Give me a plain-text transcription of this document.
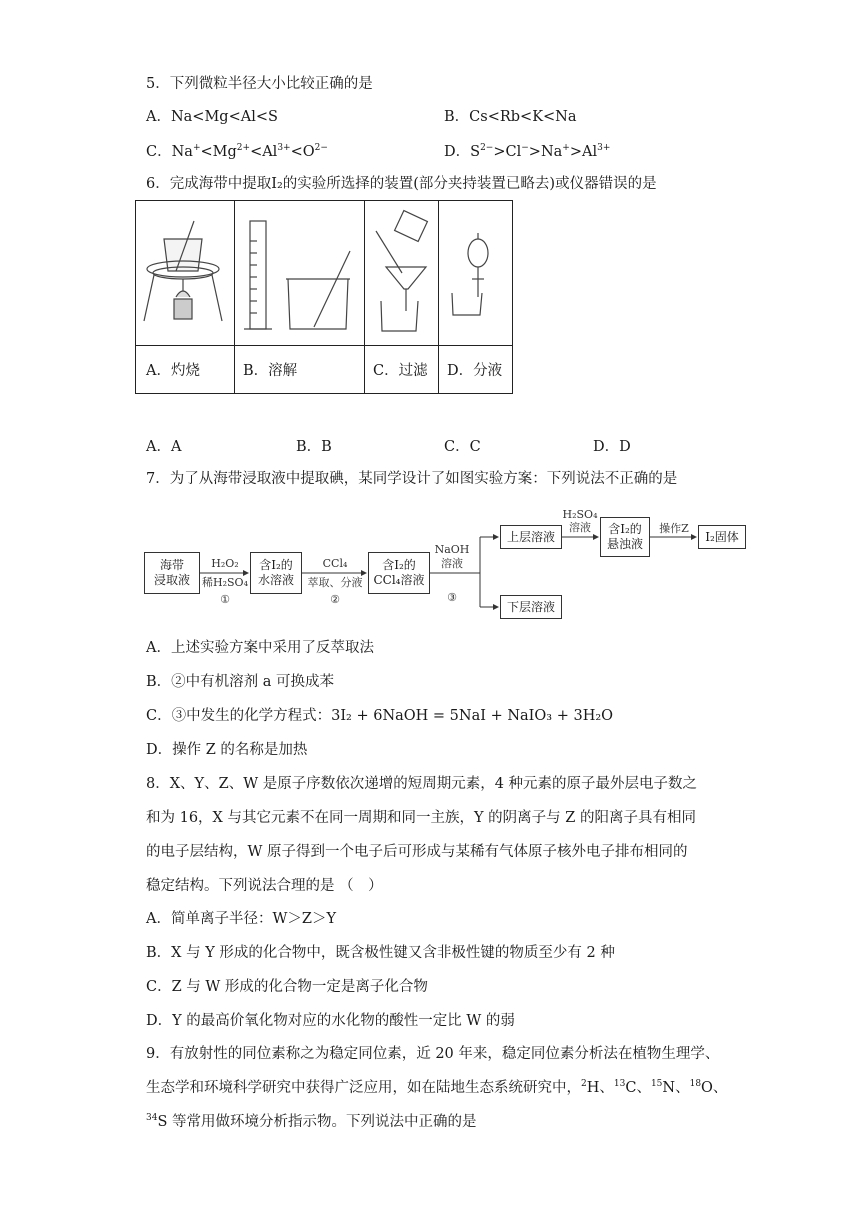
5．下列微粒半径大小比较正确的是
A．Na<Mg<Al<S	B．Cs<Rb<K<Na
C．$Na^+<Mg^{2+}<Al^{3+}<O^{2-}$	D．$S^{2-}>Cl^->Na^+>Al^{3+}$
6．完成海带中提取I₂的实验所选择的装置(部分夹持装置已略去)或仪器错误的是
A．灼烧	B．溶解	C．过滤 D．分液
A．A	B．B	C．C	D．D
7．为了从海带浸取液中提取碘，某同学设计了如图实验方案：下列说法不正确的是
海带
浸取液
含I₂的
水溶液
含I₂的
CCl₄溶液
上层溶液
含I₂的
悬浊液
I₂固体
下层溶液
H₂O₂
稀H₂SO₄
①
CCl₄
萃取、分液
②
NaOH
溶液
③
H₂SO₄
溶液	操作Z
A．上述实验方案中采用了反萃取法
B．②中有机溶剂 a 可换成苯
C．③中发生的化学方程式：3I₂ + 6NaOH = 5NaI + NaIO₃ + 3H₂O
D．操作 Z 的名称是加热
8．X、Y、Z、W 是原子序数依次递增的短周期元素，4 种元素的原子最外层电子数之
和为 16，X 与其它元素不在同一周期和同一主族，Y 的阴离子与 Z 的阳离子具有相同
的电子层结构，W 原子得到一个电子后可形成与某稀有气体原子核外电子排布相同的
稳定结构。下列说法合理的是 （　）
A．简单离子半径：W＞Z＞Y
B．X 与 Y 形成的化合物中，既含极性键又含非极性键的物质至少有 2 种
C．Z 与 W 形成的化合物一定是离子化合物
D．Y 的最高价氧化物对应的水化物的酸性一定比 W 的弱
9．有放射性的同位素称之为稳定同位素，近 20 年来，稳定同位素分析法在植物生理学、
生态学和环境科学研究中获得广泛应用，如在陆地生态系统研究中，$^2$H、$^{13}$C、$^{15}$N、$^{18}$O、
$^{34}$S 等常用做环境分析指示物。下列说法中正确的是
